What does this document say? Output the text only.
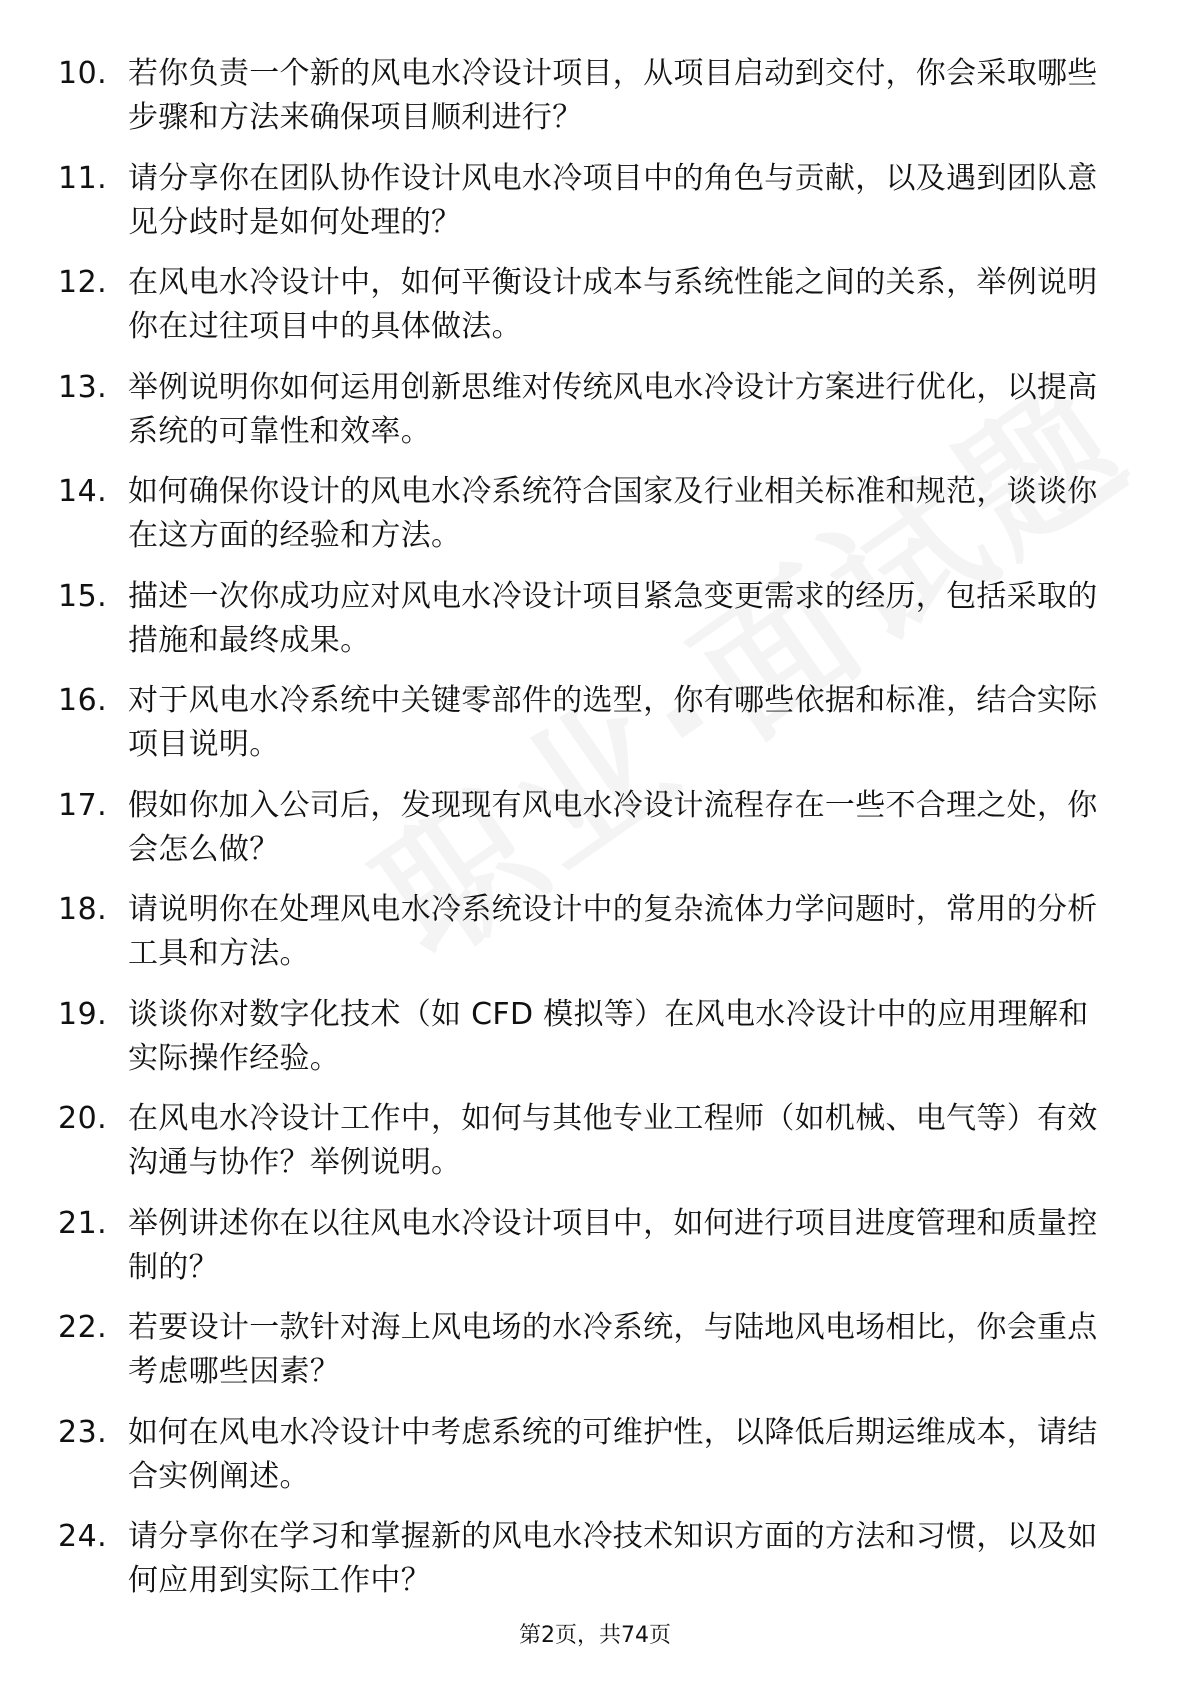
10. 若你负责一个新的风电水冷设计项目，从项目启动到交付，你会采取哪些步骤和方法来确保项目顺利进行？
11. 请分享你在团队协作设计风电水冷项目中的角色与贡献，以及遇到团队意见分歧时是如何处理的？
12. 在风电水冷设计中，如何平衡设计成本与系统性能之间的关系，举例说明你在过往项目中的具体做法。
13. 举例说明你如何运用创新思维对传统风电水冷设计方案进行优化，以提高系统的可靠性和效率。
14. 如何确保你设计的风电水冷系统符合国家及行业相关标准和规范，谈谈你在这方面的经验和方法。
15. 描述一次你成功应对风电水冷设计项目紧急变更需求的经历，包括采取的措施和最终成果。
16. 对于风电水冷系统中关键零部件的选型，你有哪些依据和标准，结合实际项目说明。
17. 假如你加入公司后，发现现有风电水冷设计流程存在一些不合理之处，你会怎么做？
18. 请说明你在处理风电水冷系统设计中的复杂流体力学问题时，常用的分析工具和方法。
19. 谈谈你对数字化技术（如 CFD 模拟等）在风电水冷设计中的应用理解和实际操作经验。
20. 在风电水冷设计工作中，如何与其他专业工程师（如机械、电气等）有效沟通与协作？举例说明。
21. 举例讲述你在以往风电水冷设计项目中，如何进行项目进度管理和质量控制的？
22. 若要设计一款针对海上风电场的水冷系统，与陆地风电场相比，你会重点考虑哪些因素？
23. 如何在风电水冷设计中考虑系统的可维护性，以降低后期运维成本，请结合实例阐述。
24. 请分享你在学习和掌握新的风电水冷技术知识方面的方法和习惯，以及如何应用到实际工作中？
第2页，共74页
